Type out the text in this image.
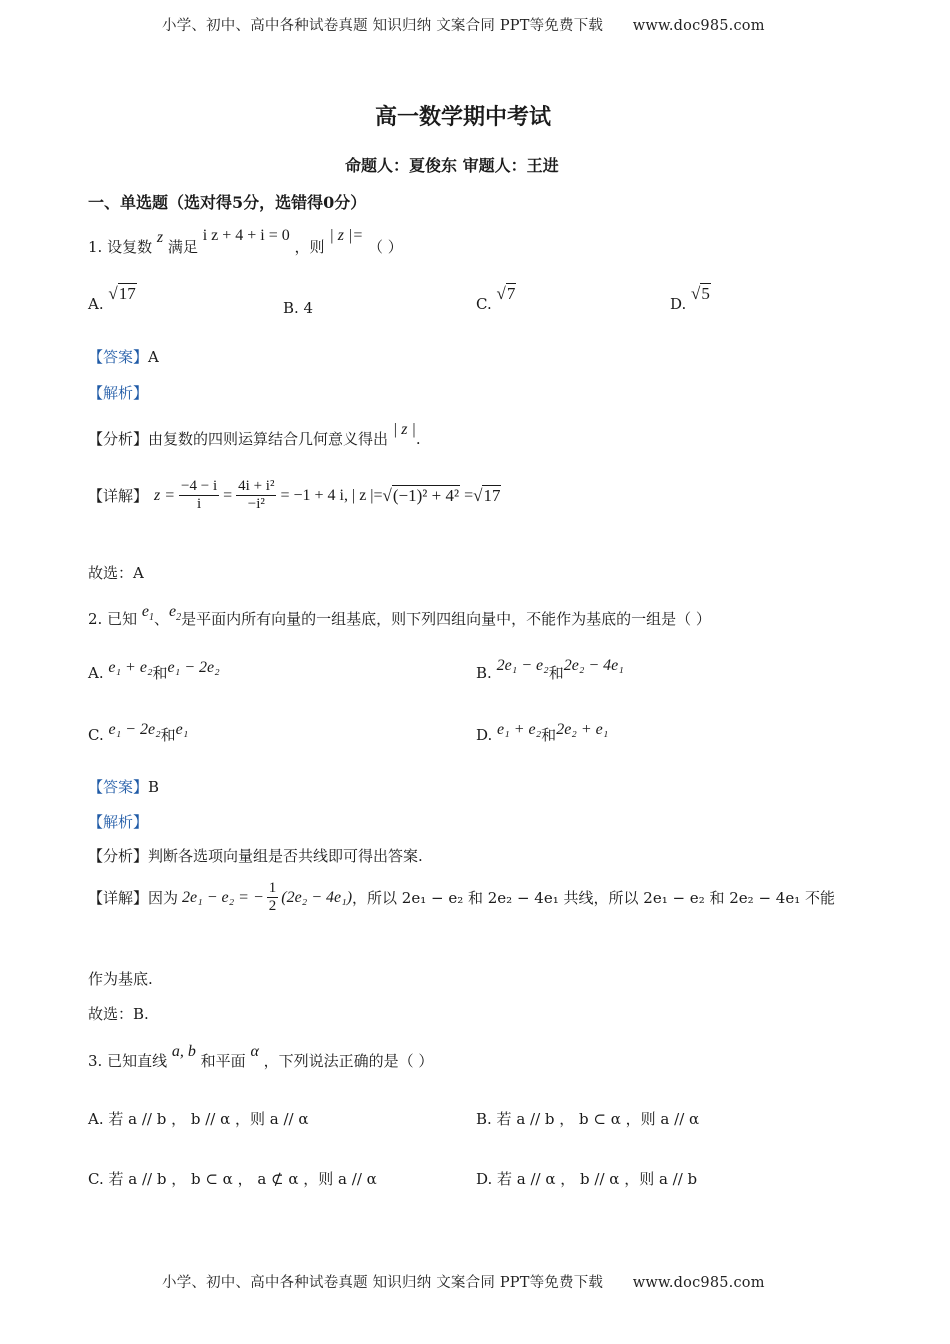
小学、初中、高中各种试卷真题 知识归纳 文案合同 PPT等免费下载 www.doc985.com
高一数学期中考试
命题人：夏俊东 审题人：王进
一、单选题（选对得5分，选错得0分）
1. 设复数 z 满足 i z + 4 + i = 0 ，则 | z |= （ ）
A. √17
B. 4	C. √7
D. √5
【答案】A
【解析】
【分析】由复数的四则运算结合几何意义得出 | z |.
【详解】 $z = \frac{-4 - i}{i} = \frac{\text{4i + i²}}{\text{−i²}} = -1 + 4$ i, | z |= √(−1)² + 4² = √17
故选：A
2. 已知 $e_1$、$e_2$是平面内所有向量的一组基底，则下列四组向量中，不能作为基底的一组是（ ）
A. e₁ + e₂和e₁ − 2e₂	B. 2e₁ − e₂和2e₂ − 4e₁
C. e₁ − 2e₂和e₁	D. e₁ + e₂和2e₂ + e₁
【答案】B
【解析】
【分析】判断各选项向量组是否共线即可得出答案.
【详解】 因为 2e₁ − e₂ = − $\frac{1}{2} (2e_2 - 4e_1)$ ，所以 2e₁ − e₂ 和 2e₂ − 4e₁ 共线，所以 2e₁ − e₂ 和 2e₂ − 4e₁ 不能
作为基底.
故选：B.
3. 已知直线 a, b 和平面 α ，下列说法正确的是（ ）
A. 若 a // b ， b // α ，则 a // α	B. 若 a // b ， b ⊂ α ，则 a // α
C. 若 a // b ， b ⊂ α ， a ⊄ α ，则 a // α	D. 若 a // α ， b // α ，则 a // b
小学、初中、高中各种试卷真题 知识归纳 文案合同 PPT等免费下载 www.doc985.com
